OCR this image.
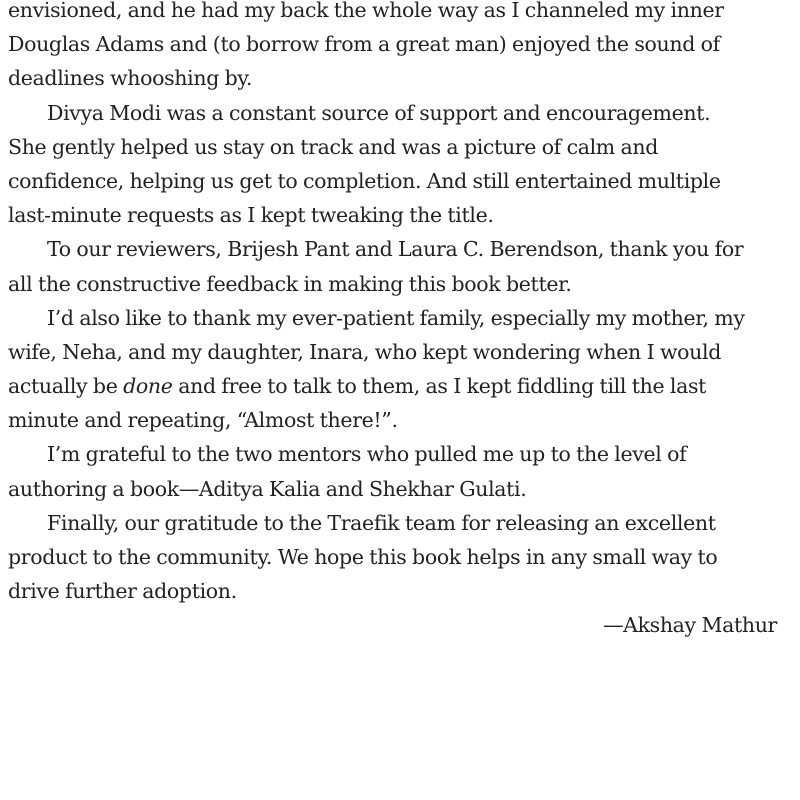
envisioned, and he had my back the whole way as I channeled my inner
Douglas Adams and (to borrow from a great man) enjoyed the sound of
deadlines whooshing by.
Divya Modi was a constant source of support and encouragement.
She gently helped us stay on track and was a picture of calm and
confidence, helping us get to completion. And still entertained multiple
last-minute requests as I kept tweaking the title.
To our reviewers, Brijesh Pant and Laura C. Berendson, thank you for
all the constructive feedback in making this book better.
I’d also like to thank my ever-patient family, especially my mother, my
wife, Neha, and my daughter, Inara, who kept wondering when I would
actually be done and free to talk to them, as I kept fiddling till the last
minute and repeating, “Almost there!”.
I’m grateful to the two mentors who pulled me up to the level of
authoring a book—Aditya Kalia and Shekhar Gulati.
Finally, our gratitude to the Traefik team for releasing an excellent
product to the community. We hope this book helps in any small way to
drive further adoption.
—Akshay Mathur
